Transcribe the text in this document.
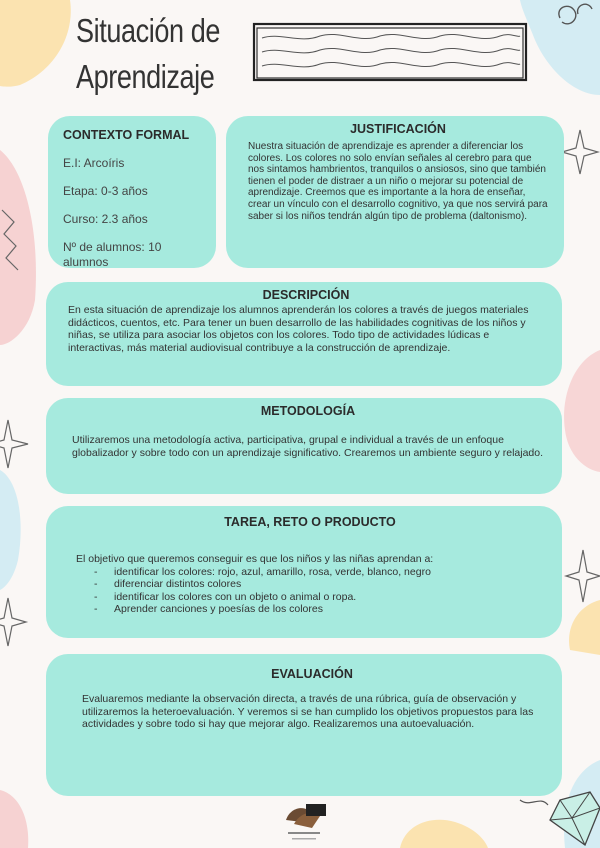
Situación de
Aprendizaje
CONTEXTO FORMAL
E.I: Arcoíris
Etapa: 0-3 años
Curso: 2.3 años
Nº de alumnos: 10 alumnos
JUSTIFICACIÓN

Nuestra situación de aprendizaje es aprender a diferenciar los colores. Los colores no solo envían señales al cerebro para que nos sintamos hambrientos, tranquilos o ansiosos, sino que también tienen el poder de distraer a un niño o mejorar su potencial de aprendizaje. Creemos que es importante a la hora de enseñar, crear un vínculo con el desarrollo cognitivo, ya que nos servirá para saber si los niños tendrán algún tipo de problema (daltonismo).

DESCRIPCIÓN

En esta situación de aprendizaje los alumnos aprenderán los colores a través de juegos materiales didácticos, cuentos, etc. Para tener un buen desarrollo de las habilidades cognitivas de los niños y niñas, se utiliza para asociar los objetos con los colores. Todo tipo de actividades lúdicas e interactivas, más material audiovisual contribuye a la construcción de aprendizaje.

METODOLOGÍA

Utilizaremos una metodología activa, participativa, grupal e individual a través de un enfoque globalizador y sobre todo con un aprendizaje significativo. Crearemos un ambiente seguro y relajado.

TAREA, RETO O PRODUCTO

El objetivo que queremos conseguir es que los niños y las niñas aprendan a:

- identificar los colores: rojo, azul, amarillo, rosa, verde, blanco, negro
- diferenciar distintos colores
- identificar los colores con un objeto o animal o ropa.
- Aprender canciones y poesías de los colores
EVALUACIÓN

Evaluaremos mediante la observación directa, a través de una rúbrica, guía de observación y utilizaremos la heteroevaluación. Y veremos si se han cumplido los objetivos propuestos para las actividades y sobre todo si hay que mejorar algo. Realizaremos una autoevaluación.
